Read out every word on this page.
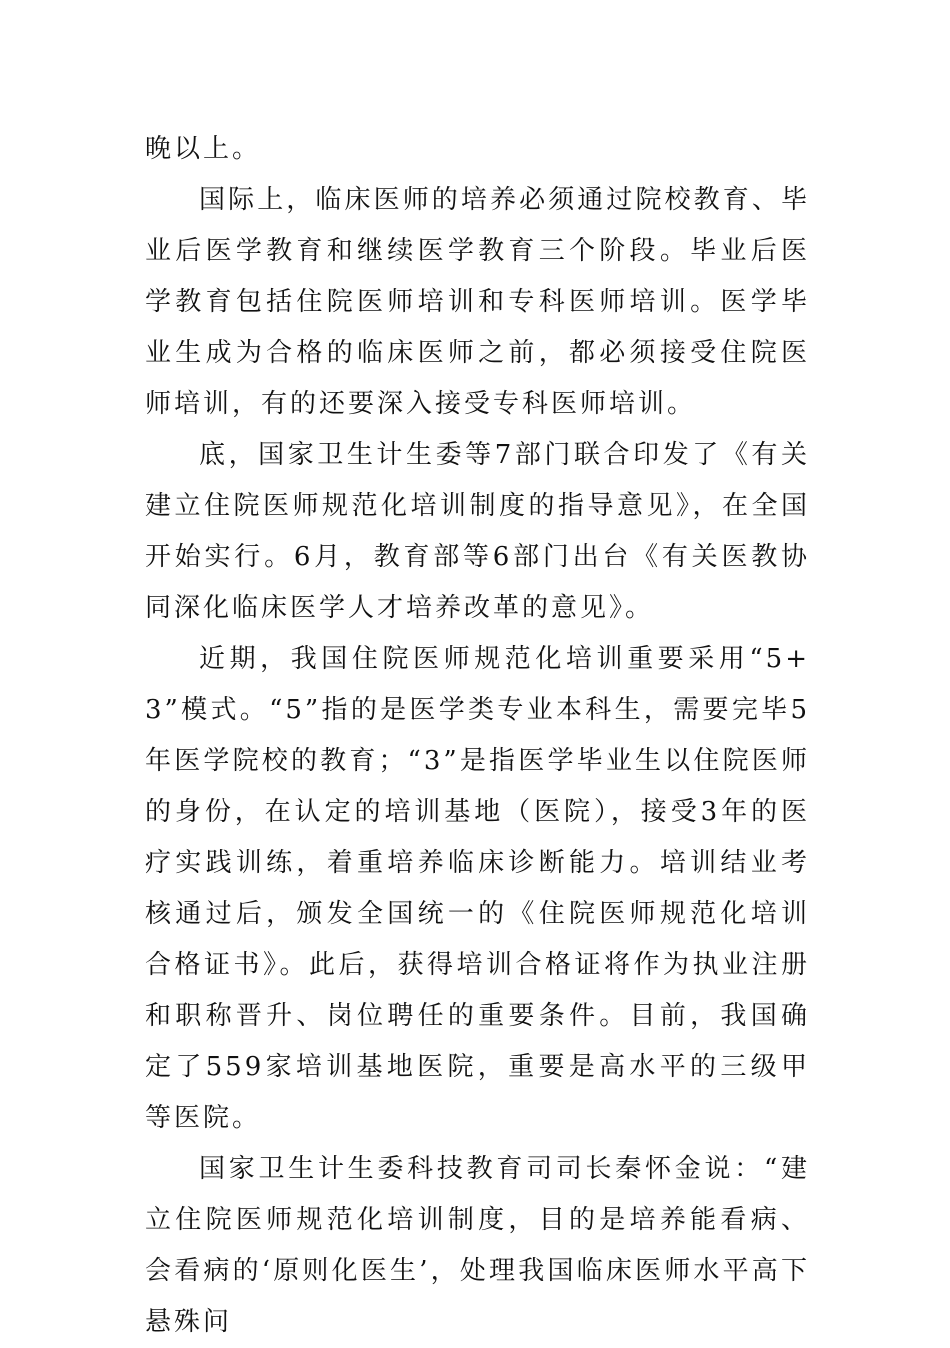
晚以上。

国际上，临床医师的培养必须通过院校教育、毕业后医学教育和继续医学教育三个阶段。毕业后医学教育包括住院医师培训和专科医师培训。医学毕业生成为合格的临床医师之前，都必须接受住院医师培训，有的还要深入接受专科医师培训。

底，国家卫生计生委等7部门联合印发了《有关建立住院医师规范化培训制度的指导意见》，在全国开始实行。6月，教育部等6部门出台《有关医教协同深化临床医学人才培养改革的意见》。

近期，我国住院医师规范化培训重要采用“5+3”模式。“5”指的是医学类专业本科生，需要完毕5年医学院校的教育；“3”是指医学毕业生以住院医师的身份，在认定的培训基地（医院），接受3年的医疗实践训练，着重培养临床诊断能力。培训结业考核通过后，颁发全国统一的《住院医师规范化培训合格证书》。此后，获得培训合格证将作为执业注册和职称晋升、岗位聘任的重要条件。目前，我国确定了559家培训基地医院，重要是高水平的三级甲等医院。

国家卫生计生委科技教育司司长秦怀金说：“建立住院医师规范化培训制度，目的是培养能看病、会看病的‘原则化医生’，处理我国临床医师水平高下悬殊问
